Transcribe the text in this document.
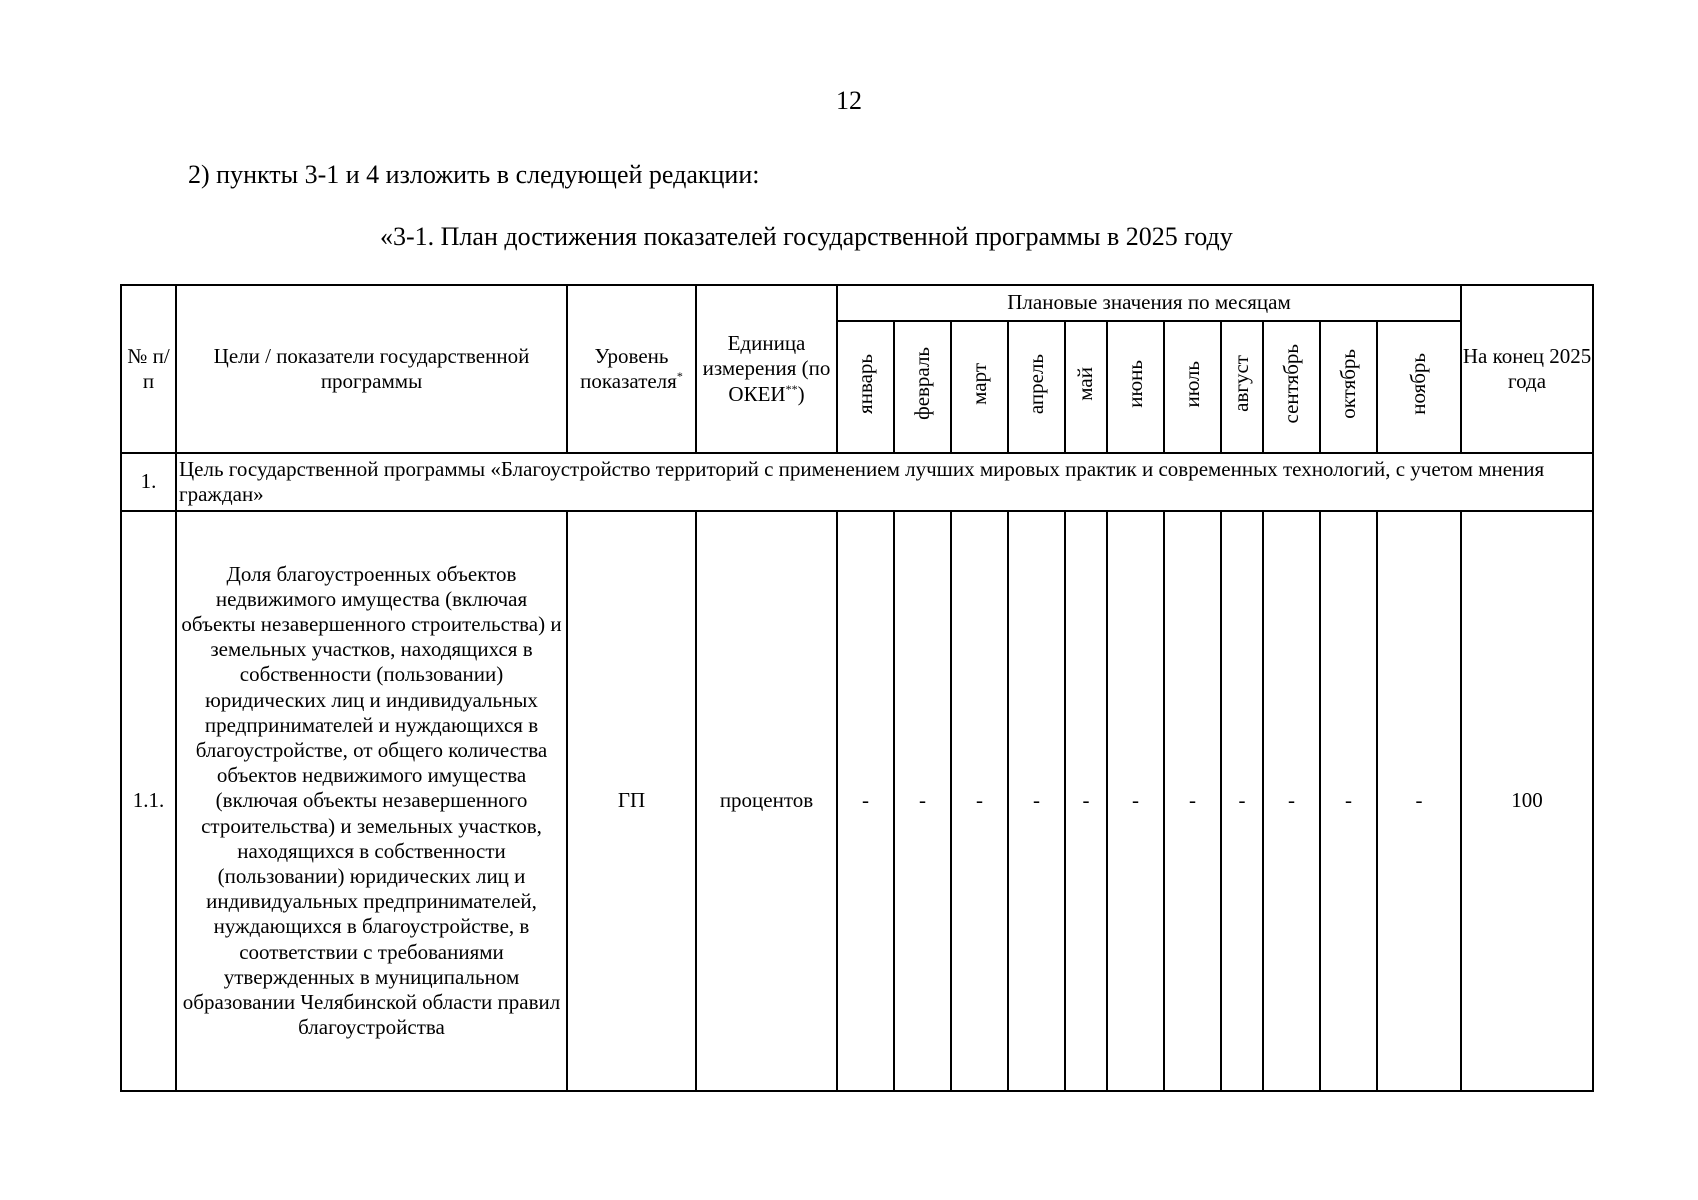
12
2) пункты 3-1 и 4 изложить в следующей редакции:
«3-1. План достижения показателей государственной программы в 2025 году
№ п/п	Цели / показатели государственной программы	Уровень показателя*	Единица измерения (по ОКЕИ**)	Плановые значения по месяцам											На конец 2025 года
				январь	февраль	март	апрель	май	июнь	июль	август	сентябрь	октябрь	ноябрь	
1.	Цель государственной программы «Благоустройство территорий с применением лучших мировых практик и современных технологий, с учетом мнения граждан»														
1.1.	Доля благоустроенных объектов недвижимого имущества (включая объекты незавершенного строительства) и земельных участков, находящихся в собственности (пользовании) юридических лиц и индивидуальных предпринимателей и нуждающихся в благоустройстве, от общего количества объектов недвижимого имущества (включая объекты незавершенного строительства) и земельных участков, находящихся в собственности (пользовании) юридических лиц и индивидуальных предпринимателей, нуждающихся в благоустройстве, в соответствии с требованиями утвержденных в муниципальном образовании Челябинской области правил благоустройства	ГП	процентов	-	-	-	-	-	-	-	-	-	-	-	100
